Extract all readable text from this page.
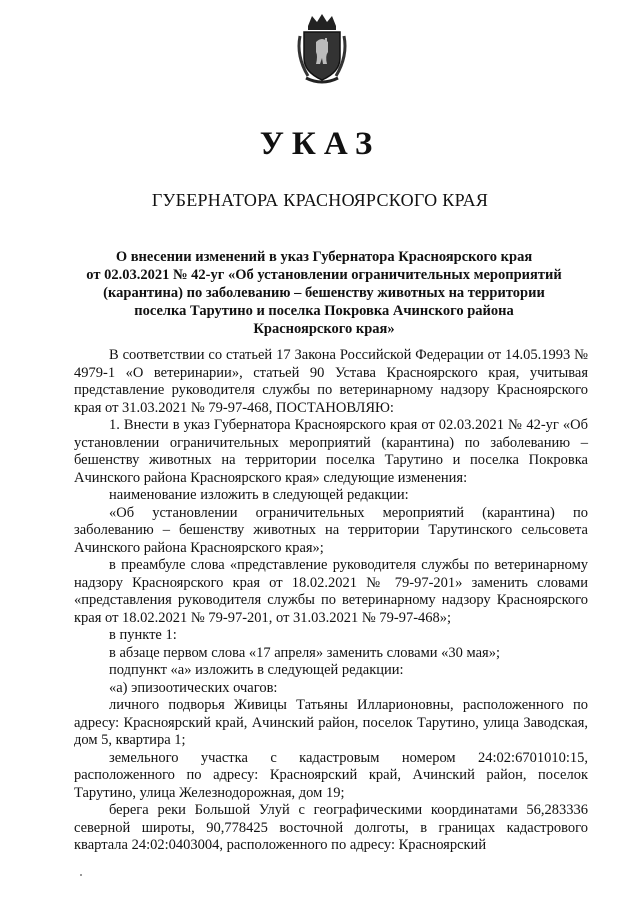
УКАЗ
ГУБЕРНАТОРА КРАСНОЯРСКОГО КРАЯ
О внесении изменений в указ Губернатора Красноярского края
от 02.03.2021 № 42-уг «Об установлении ограничительных мероприятий
(карантина) по заболеванию – бешенству животных на территории
поселка Тарутино и поселка Покровка Ачинского района
Красноярского края»

В соответствии со статьей 17 Закона Российской Федерации от 14.05.1993 № 4979-1 «О ветеринарии», статьей 90 Устава Красноярского края, учитывая представление руководителя службы по ветеринарному надзору Красноярского края от 31.03.2021 № 79-97-468, ПОСТАНОВЛЯЮ:

1. Внести в указ Губернатора Красноярского края от 02.03.2021 № 42-уг «Об установлении ограничительных мероприятий (карантина) по заболеванию – бешенству животных на территории поселка Тарутино и поселка Покровка Ачинского района Красноярского края» следующие изменения:

наименование изложить в следующей редакции:

«Об установлении ограничительных мероприятий (карантина) по заболеванию – бешенству животных на территории Тарутинского сельсовета Ачинского района Красноярского края»;

в преамбуле слова «представление руководителя службы по ветеринарному надзору Красноярского края от 18.02.2021 № 79-97-201» заменить словами «представления руководителя службы по ветеринарному надзору Красноярского края от 18.02.2021 № 79-97-201, от 31.03.2021 № 79-97-468»;

в пункте 1:

в абзаце первом слова «17 апреля» заменить словами «30 мая»;

подпункт «а» изложить в следующей редакции:

«а) эпизоотических очагов:

личного подворья Живицы Татьяны Илларионовны, расположенного по адресу: Красноярский край, Ачинский район, поселок Тарутино, улица Заводская, дом 5, квартира 1;

земельного участка с кадастровым номером 24:02:6701010:15, расположенного по адресу: Красноярский край, Ачинский район, поселок Тарутино, улица Железнодорожная, дом 19;

берега реки Большой Улуй с географическими координатами 56,283336 северной широты, 90,778425 восточной долготы, в границах кадастрового квартала 24:02:0403004, расположенного по адресу: Красноярский
